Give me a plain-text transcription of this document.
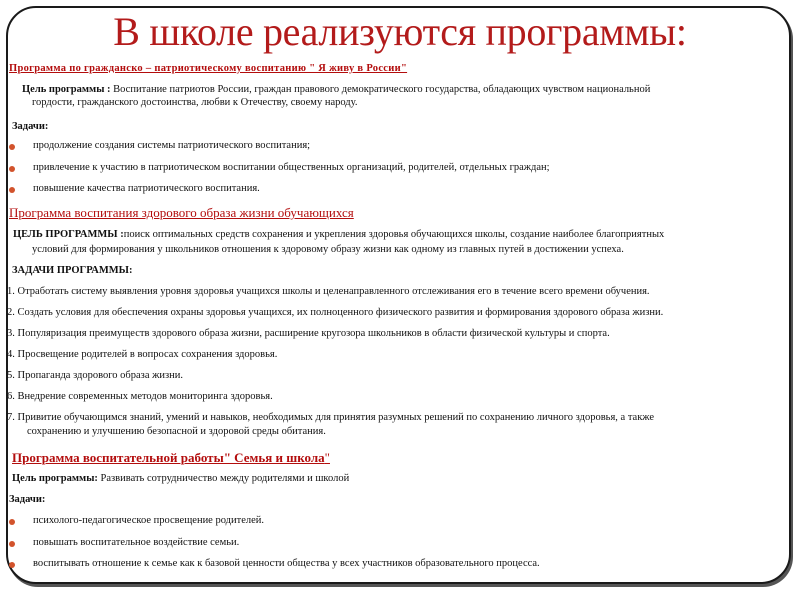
В школе реализуются программы:
Программа по гражданско – патриотическому воспитанию " Я живу в России"
Цель программы : Воспитание патриотов России, граждан правового демократического государства, обладающих чувством национальной
гордости, гражданского достоинства, любви к Отечеству, своему народу.
Задачи:
продолжение создания системы патриотического воспитания;
привлечение к участию в патриотическом воспитании общественных организаций, родителей, отдельных граждан;
повышение качества патриотического воспитания.
Программа воспитания здорового образа жизни обучающихся
ЦЕЛЬ ПРОГРАММЫ :поиск оптимальных средств сохранения и укрепления здоровья обучающихся школы, создание наиболее благоприятных
условий для формирования у школьников отношения к здоровому образу жизни как одному из главных путей в достижении успеха.
ЗАДАЧИ ПРОГРАММЫ:
1. Отработать систему выявления уровня здоровья учащихся школы и целенаправленного отслеживания его в течение всего времени обучения.
2. Создать условия для обеспечения охраны здоровья учащихся, их полноценного физического развития и формирования здорового образа жизни.
3. Популяризация преимуществ здорового образа жизни, расширение кругозора школьников в области физической культуры и спорта.
4. Просвещение родителей в вопросах сохранения здоровья.
5. Пропаганда здорового образа жизни.
6. Внедрение современных методов мониторинга здоровья.
7. Привитие обучающимся знаний, умений и навыков, необходимых для принятия разумных решений по сохранению личного здоровья, а также
сохранению и улучшению безопасной и здоровой среды обитания.
Программа воспитательной работы" Семья и школа"
Цель программы: Развивать сотрудничество между родителями и школой
Задачи:
психолого-педагогическое просвещение родителей.
повышать воспитательное воздействие семьи.
воспитывать отношение к семье как к базовой ценности общества у всех участников образовательного процесса.
